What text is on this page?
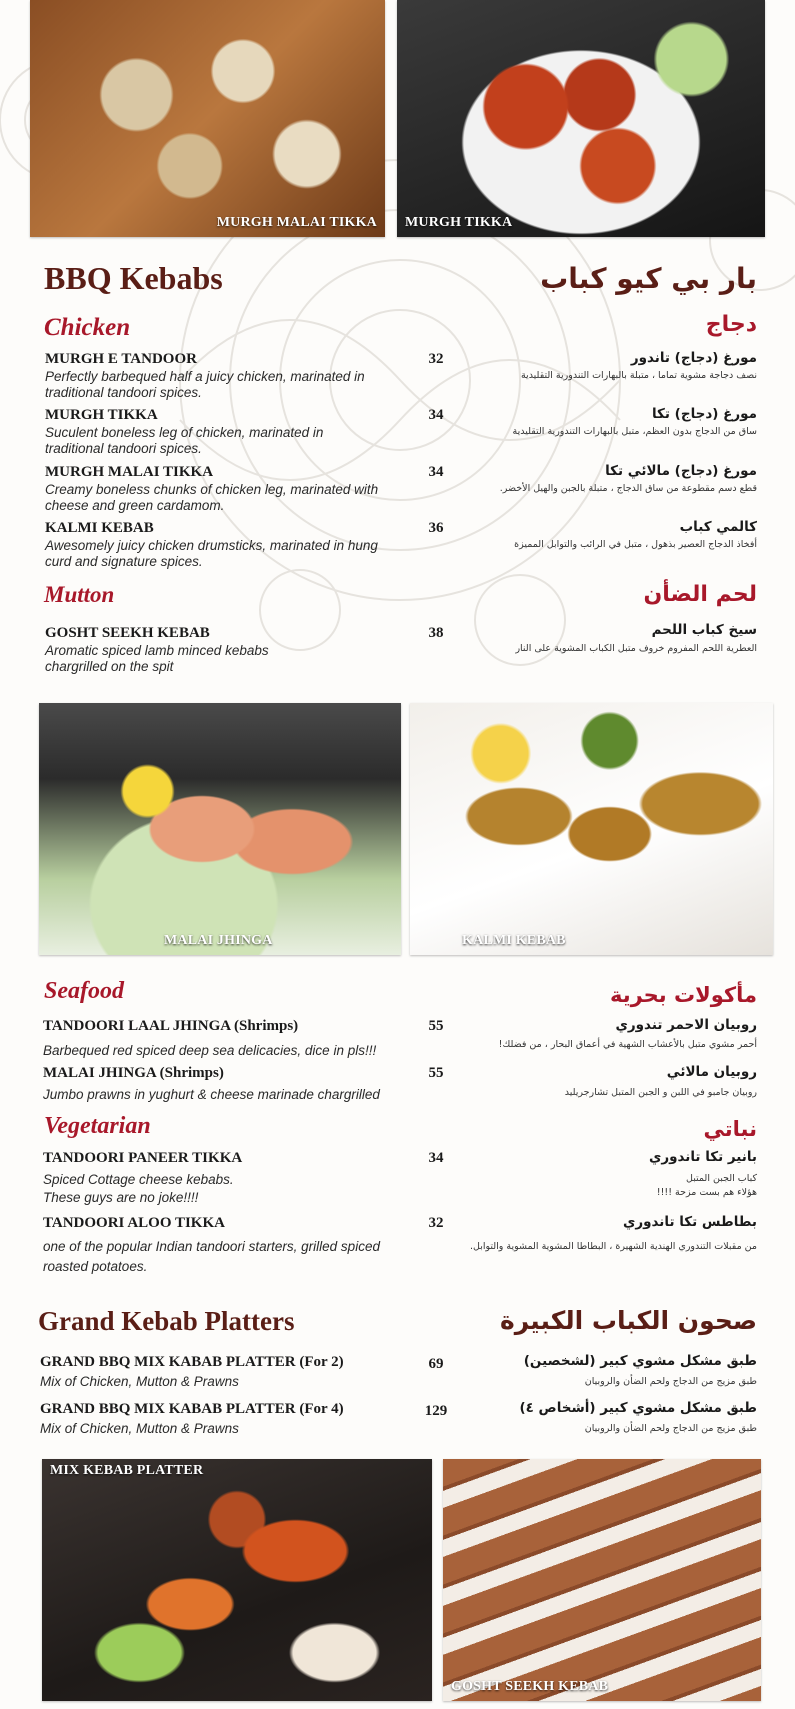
MURGH MALAI TIKKA MURGH TIKKA
BBQ Kebabs	بار بي كيو كباب
Chicken	دجاج
MURGH E TANDOOR
Perfectly barbequed half a juicy chicken, marinated in traditional tandoori spices.
32	مورغ (دجاج) تاندور
نصف دجاجة مشوية تماما ، متبلة بالبهارات التندورية التقليدية
MURGH TIKKA
Suculent boneless leg of chicken, marinated in traditional tandoori spices.
34	مورغ (دجاج) تكا
ساق من الدجاج بدون العظم، متبل بالبهارات التندورية التقليدية
MURGH MALAI TIKKA
Creamy boneless chunks of chicken leg, marinated with cheese and green cardamom.
34	مورغ (دجاج) مالائي تكا
قطع دسم مقطوعة من ساق الدجاج ، متبلة بالجبن والهيل الأخضر.
KALMI KEBAB
Awesomely juicy chicken drumsticks, marinated in hung curd and signature spices.
36	كالمي كباب
أفخاذ الدجاج العصير بذهول ، متبل في الرائب والتوابل المميزة
Mutton	لحم الضأن
GOSHT SEEKH KEBAB
Aromatic spiced lamb minced kebabs chargrilled on the spit
38	سيخ كباب اللحم
العطرية اللحم المفروم خروف متبل الكباب المشوية على النار
MALAI JHINGA	KALMI KEBAB
Seafood	مأكولات بحرية
TANDOORI LAAL JHINGA (Shrimps)
Barbequed red spiced deep sea delicacies, dice in pls!!!
55	روبيان الاحمر تندوري
أحمر مشوي متبل بالأعشاب الشهية في أعماق البحار ، من فضلك!
MALAI JHINGA (Shrimps)
Jumbo prawns in yughurt & cheese marinade chargrilled
55	روبيان مالائي
روبيان جامبو في اللبن و الجبن المتبل تشارجريليد
Vegetarian	نباتي
TANDOORI PANEER TIKKA
Spiced Cottage cheese kebabs.
These guys are no joke!!!!
34	بانير تكا تاندوري
كباب الجبن المتبل
هؤلاء هم بست مزحة !!!!
TANDOORI ALOO TIKKA
one of the popular Indian tandoori starters, grilled spiced roasted potatoes.
32	بطاطس تكا تاندوري
من مقبلات التندوري الهندية الشهيرة ، البطاطا المشوية المشوية والتوابل.
Grand Kebab Platters	صحون الكباب الكبيرة
GRAND BBQ MIX KABAB PLATTER (For 2)
Mix of Chicken, Mutton & Prawns
69	طبق مشكل مشوي كبير (لشخصين)
طبق مزيج من الدجاج ولحم الضأن والروبيان
GRAND BBQ MIX KABAB PLATTER (For 4)
Mix of Chicken, Mutton & Prawns
129	طبق مشكل مشوي كبير (أشخاص ٤)
طبق مزيج من الدجاج ولحم الضأن والروبيان
MIX KEBAB PLATTER
GOSHT SEEKH KEBAB
